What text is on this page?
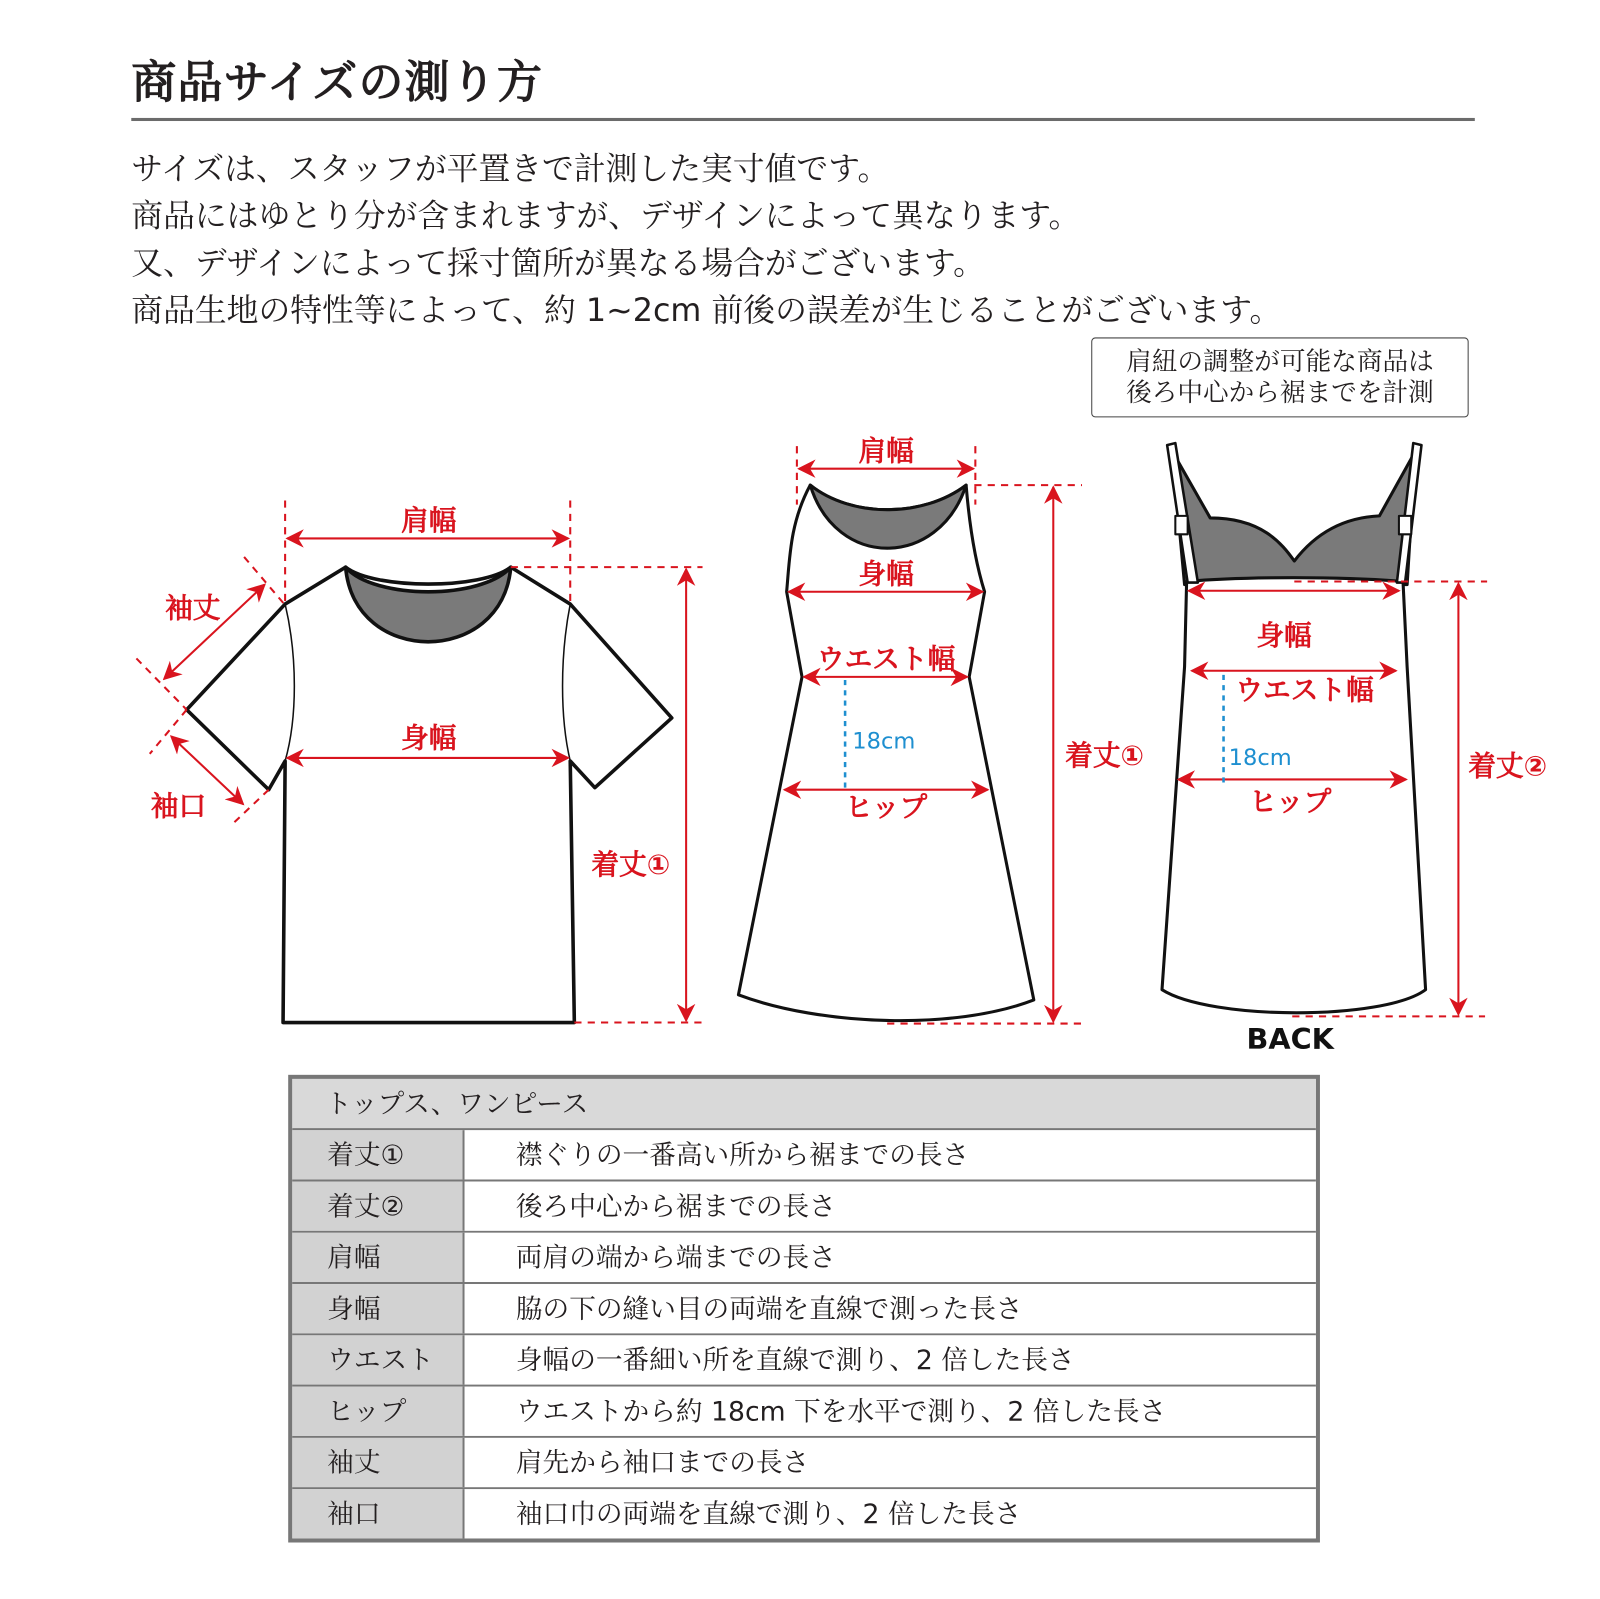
商品サイズの測り方
サイズは、スタッフが平置きで計測した実寸値です。
商品にはゆとり分が含まれますが、デザインによって異なります。
又、デザインによって採寸箇所が異なる場合がございます。
商品生地の特性等によって、約 1~2cm 前後の誤差が生じることがございます。
肩紐の調整が可能な商品は
後ろ中心から裾までを計測
肩幅
身幅
着丈①
袖丈
袖口
肩幅
身幅
ウエスト幅
18cm
ヒップ
着丈①
身幅
ウエスト幅
18cm
ヒップ
着丈②
BACK
トップス、ワンピース
着丈①	襟ぐりの一番高い所から裾までの長さ
着丈②	後ろ中心から裾までの長さ
肩幅	両肩の端から端までの長さ
身幅	脇の下の縫い目の両端を直線で測った長さ
ウエスト	身幅の一番細い所を直線で測り、2 倍した長さ
ヒップ	ウエストから約 18cm 下を水平で測り、2 倍した長さ
袖丈	肩先から袖口までの長さ
袖口	袖口巾の両端を直線で測り、2 倍した長さ
